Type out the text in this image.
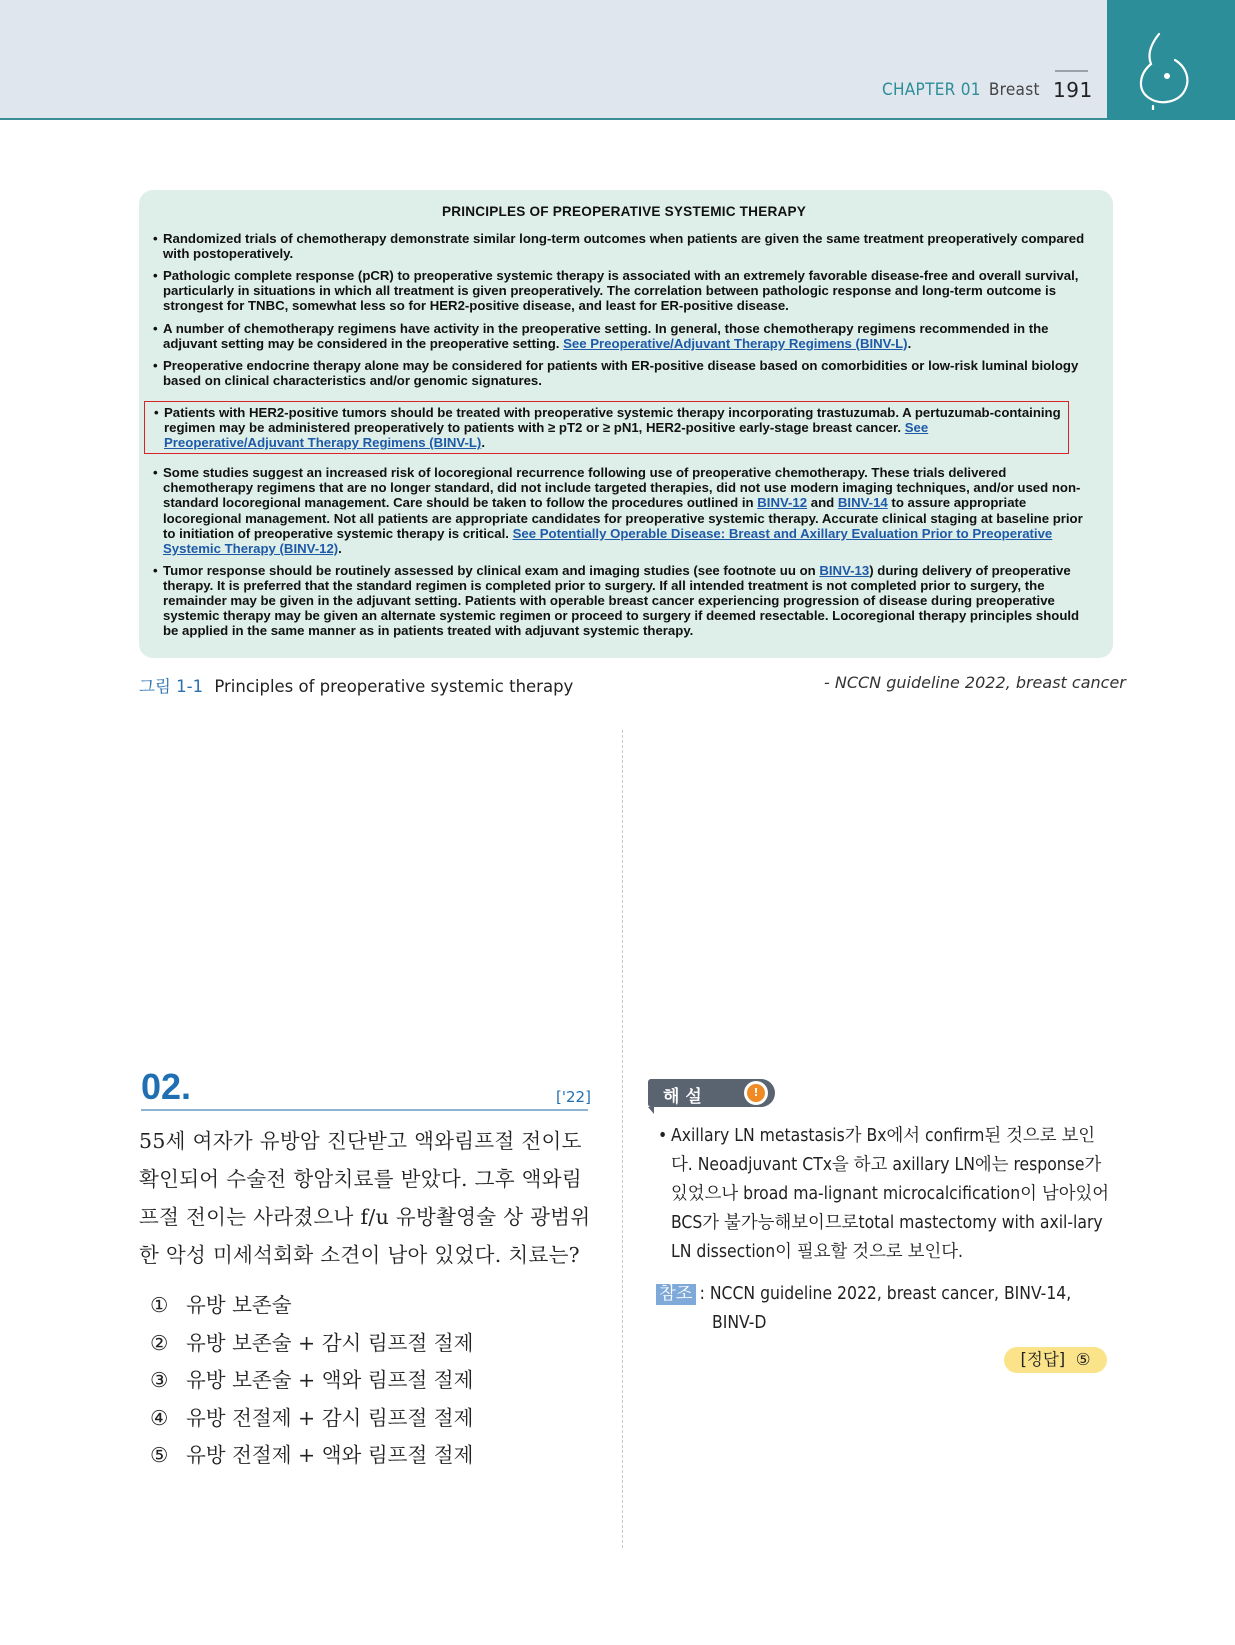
CHAPTER 01 Breast 191
PRINCIPLES OF PREOPERATIVE SYSTEMIC THERAPY
• Randomized trials of chemotherapy demonstrate similar long-term outcomes when patients are given the same treatment preoperatively compared with postoperatively.
• Pathologic complete response (pCR) to preoperative systemic therapy is associated with an extremely favorable disease-free and overall survival, particularly in situations in which all treatment is given preoperatively. The correlation between pathologic response and long-term outcome is strongest for TNBC, somewhat less so for HER2-positive disease, and least for ER-positive disease.
• A number of chemotherapy regimens have activity in the preoperative setting. In general, those chemotherapy regimens recommended in the adjuvant setting may be considered in the preoperative setting. See Preoperative/Adjuvant Therapy Regimens (BINV-L).
• Preoperative endocrine therapy alone may be considered for patients with ER-positive disease based on comorbidities or low-risk luminal biology based on clinical characteristics and/or genomic signatures.
• Patients with HER2-positive tumors should be treated with preoperative systemic therapy incorporating trastuzumab. A pertuzumab-containing regimen may be administered preoperatively to patients with ≥ pT2 or ≥ pN1, HER2-positive early-stage breast cancer. See Preoperative/Adjuvant Therapy Regimens (BINV-L).
• Some studies suggest an increased risk of locoregional recurrence following use of preoperative chemotherapy. These trials delivered chemotherapy regimens that are no longer standard, did not include targeted therapies, did not use modern imaging techniques, and/or used non-standard locoregional management. Care should be taken to follow the procedures outlined in BINV-12 and BINV-14 to assure appropriate locoregional management. Not all patients are appropriate candidates for preoperative systemic therapy. Accurate clinical staging at baseline prior to initiation of preoperative systemic therapy is critical. See Potentially Operable Disease: Breast and Axillary Evaluation Prior to Preoperative Systemic Therapy (BINV-12).
• Tumor response should be routinely assessed by clinical exam and imaging studies (see footnote uu on BINV-13) during delivery of preoperative therapy. It is preferred that the standard regimen is completed prior to surgery. If all intended treatment is not completed prior to surgery, the remainder may be given in the adjuvant setting. Patients with operable breast cancer experiencing progression of disease during preoperative systemic therapy may be given an alternate systemic regimen or proceed to surgery if deemed resectable. Locoregional therapy principles should be applied in the same manner as in patients treated with adjuvant systemic therapy.
그림 1-1 Principles of preoperative systemic therapy	- NCCN guideline 2022, breast cancer
02.	['22]
55세 여자가 유방암 진단받고 액와림프절 전이도 확인되어 수술전 항암치료를 받았다. 그후 액와림프절 전이는 사라졌으나 f/u 유방촬영술 상 광범위한 악성 미세석회화 소견이 남아 있었다. 치료는?
① 유방 보존술
② 유방 보존술 + 감시 림프절 절제
③ 유방 보존술 + 액와 림프절 절제
④ 유방 전절제 + 감시 림프절 절제
⑤ 유방 전절제 + 액와 림프절 절제
해설	!
• Axillary LN metastasis가 Bx에서 confirm된 것으로 보인다. Neoadjuvant CTx을 하고 axillary LN에는 response가 있었으나 broad ma-lignant microcalcification이 남아있어 BCS가 불가능해보이므로total mastectomy with axil-lary LN dissection이 필요할 것으로 보인다.
참조 : NCCN guideline 2022, breast cancer, BINV-14,
BINV-D
[정답] ⑤
